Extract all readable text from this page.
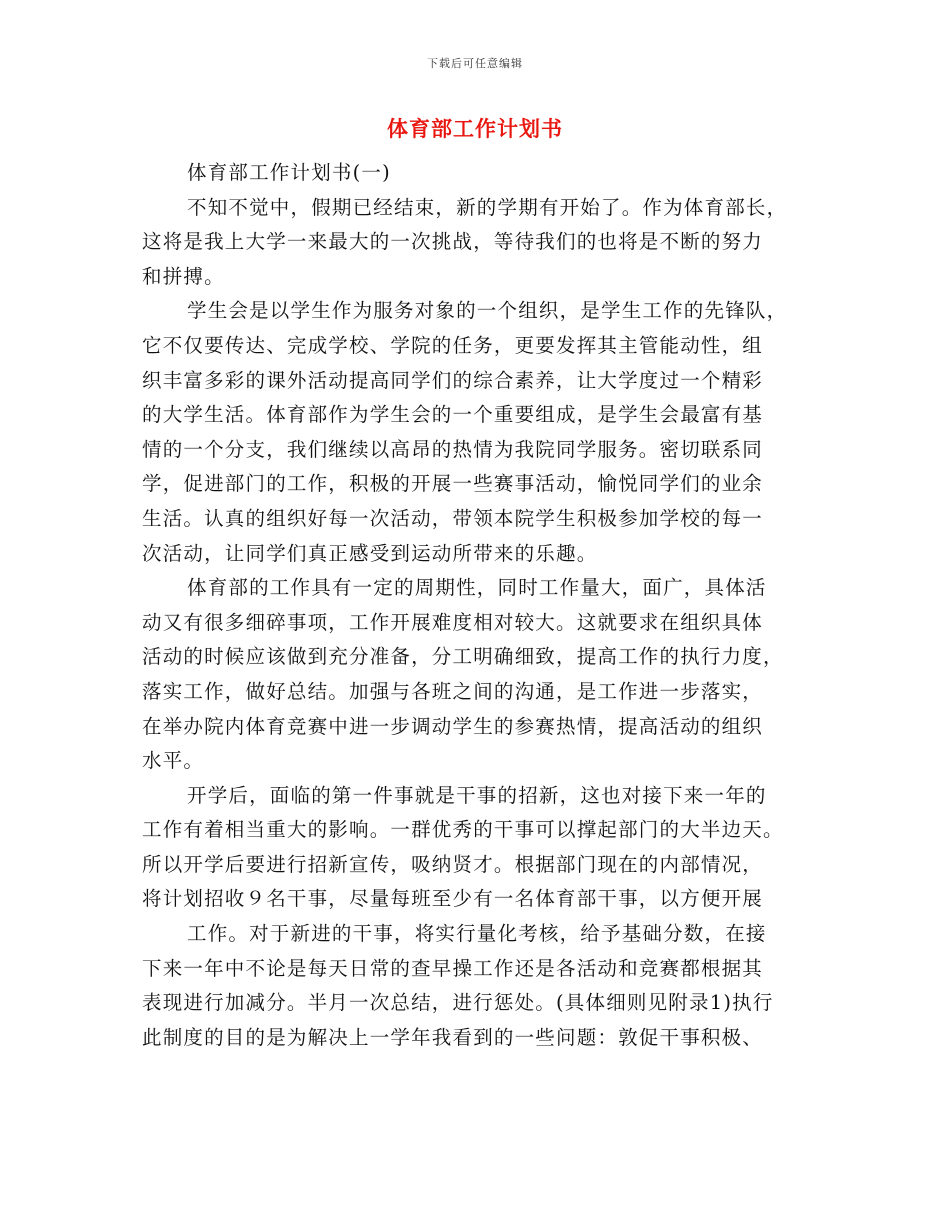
下载后可任意编辑
体育部工作计划书
体育部工作计划书(一)
不知不觉中，假期已经结束，新的学期有开始了。作为体育部长，
这将是我上大学一来最大的一次挑战，等待我们的也将是不断的努力
和拼搏。
学生会是以学生作为服务对象的一个组织，是学生工作的先锋队，
它不仅要传达、完成学校、学院的任务，更要发挥其主管能动性，组
织丰富多彩的课外活动提高同学们的综合素养，让大学度过一个精彩
的大学生活。体育部作为学生会的一个重要组成，是学生会最富有基
情的一个分支，我们继续以高昂的热情为我院同学服务。密切联系同
学，促进部门的工作，积极的开展一些赛事活动，愉悦同学们的业余
生活。认真的组织好每一次活动，带领本院学生积极参加学校的每一
次活动，让同学们真正感受到运动所带来的乐趣。
体育部的工作具有一定的周期性，同时工作量大，面广，具体活
动又有很多细碎事项，工作开展难度相对较大。这就要求在组织具体
活动的时候应该做到充分准备，分工明确细致，提高工作的执行力度，
落实工作，做好总结。加强与各班之间的沟通，是工作进一步落实，
在举办院内体育竞赛中进一步调动学生的参赛热情，提高活动的组织
水平。
开学后，面临的第一件事就是干事的招新，这也对接下来一年的
工作有着相当重大的影响。一群优秀的干事可以撑起部门的大半边天。
所以开学后要进行招新宣传，吸纳贤才。根据部门现在的内部情况，
将计划招收９名干事，尽量每班至少有一名体育部干事，以方便开展
工作。对于新进的干事，将实行量化考核，给予基础分数，在接
下来一年中不论是每天日常的查早操工作还是各活动和竞赛都根据其
表现进行加减分。半月一次总结，进行惩处。(具体细则见附录1)执行
此制度的目的是为解决上一学年我看到的一些问题：敦促干事积极、
